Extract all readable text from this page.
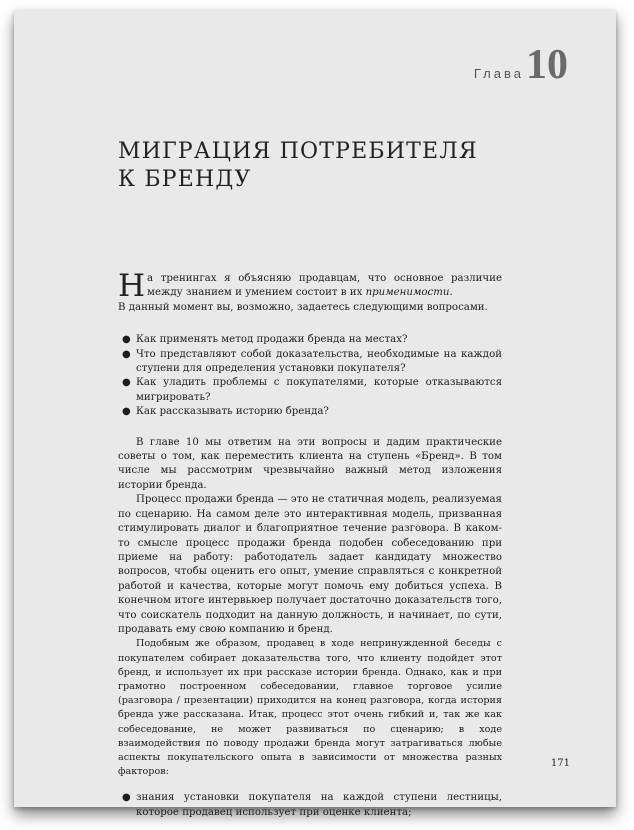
Глава 10
МИГРАЦИЯ ПОТРЕБИТЕЛЯ
К БРЕНДУ

Н а тренингах я объясняю продавцам, что основное различие между знанием и умением состоит в их применимости.

В данный момент вы, возможно, задаетесь следующими вопросами.

● Как применять метод продажи бренда на местах?
● Что представляют собой доказательства, необходимые на каждой ступени для определения установки покупателя?
● Как уладить проблемы с покупателями, которые отказываются мигрировать?
● Как рассказывать историю бренда?

В главе 10 мы ответим на эти вопросы и дадим практические советы о том, как переместить клиента на ступень «Бренд». В том числе мы рассмотрим чрезвычайно важный метод изложения истории бренда.

Процесс продажи бренда — это не статичная модель, реализуемая по сценарию. На самом деле это интерактивная модель, призванная стимулировать диалог и благоприятное течение разговора. В каком-то смысле процесс продажи бренда подобен собеседованию при приеме на работу: работодатель задает кандидату множество вопросов, чтобы оценить его опыт, умение справляться с конкретной работой и качества, которые могут помочь ему добиться успеха. В конечном итоге интервьюер получает достаточно доказательств того, что соискатель подходит на данную должность, и начинает, по сути, продавать ему свою компанию и бренд.

Подобным же образом, продавец в ходе непринужденной беседы с покупателем собирает доказательства того, что клиенту подойдет этот бренд, и использует их при рассказе истории бренда. Однако, как и при грамотно построенном собеседовании, главное торговое усилие (разговора / презентации) приходится на конец разговора, когда история бренда уже рассказана. Итак, процесс этот очень гибкий и, так же как собеседование, не может развиваться по сценарию; в ходе взаимодействия по поводу продажи бренда могут затрагиваться любые аспекты покупательского опыта в зависимости от множества разных факторов:

● знания установки покупателя на каждой ступени лестницы, которое продавец использует при оценке клиента;
171
